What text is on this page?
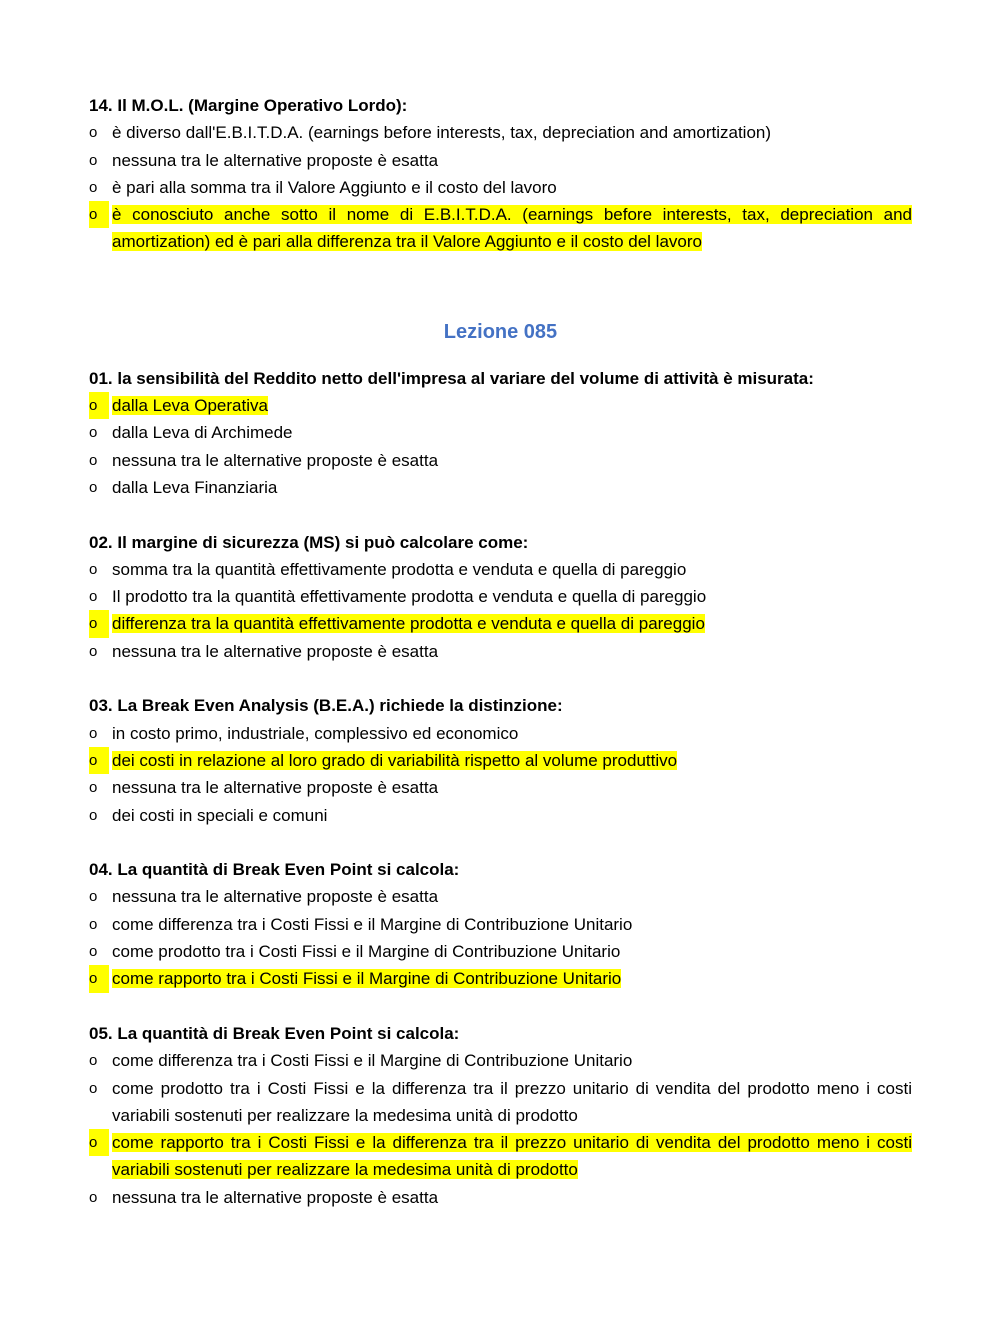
14. Il M.O.L. (Margine Operativo Lordo):

o è diverso dall'E.B.I.T.D.A. (earnings before interests, tax, depreciation and amortization)
o nessuna tra le alternative proposte è esatta
o è pari alla somma tra il Valore Aggiunto e il costo del lavoro
o è conosciuto anche sotto il nome di E.B.I.T.D.A. (earnings before interests, tax, depreciation and amortization) ed è pari alla differenza tra il Valore Aggiunto e il costo del lavoro
Lezione 085

01. la sensibilità del Reddito netto dell'impresa al variare del volume di attività è misurata:

o dalla Leva Operativa
o dalla Leva di Archimede
o nessuna tra le alternative proposte è esatta
o dalla Leva Finanziaria

02. Il margine di sicurezza (MS) si può calcolare come:

o somma tra la quantità effettivamente prodotta e venduta e quella di pareggio
o Il prodotto tra la quantità effettivamente prodotta e venduta e quella di pareggio
o differenza tra la quantità effettivamente prodotta e venduta e quella di pareggio
o nessuna tra le alternative proposte è esatta

03. La Break Even Analysis (B.E.A.) richiede la distinzione:

o in costo primo, industriale, complessivo ed economico
o dei costi in relazione al loro grado di variabilità rispetto al volume produttivo
o nessuna tra le alternative proposte è esatta
o dei costi in speciali e comuni

04. La quantità di Break Even Point si calcola:

o nessuna tra le alternative proposte è esatta
o come differenza tra i Costi Fissi e il Margine di Contribuzione Unitario
o come prodotto tra i Costi Fissi e il Margine di Contribuzione Unitario
o come rapporto tra i Costi Fissi e il Margine di Contribuzione Unitario

05. La quantità di Break Even Point si calcola:

o come differenza tra i Costi Fissi e il Margine di Contribuzione Unitario
o come prodotto tra i Costi Fissi e la differenza tra il prezzo unitario di vendita del prodotto meno i costi variabili sostenuti per realizzare la medesima unità di prodotto
o come rapporto tra i Costi Fissi e la differenza tra il prezzo unitario di vendita del prodotto meno i costi variabili sostenuti per realizzare la medesima unità di prodotto
o nessuna tra le alternative proposte è esatta
